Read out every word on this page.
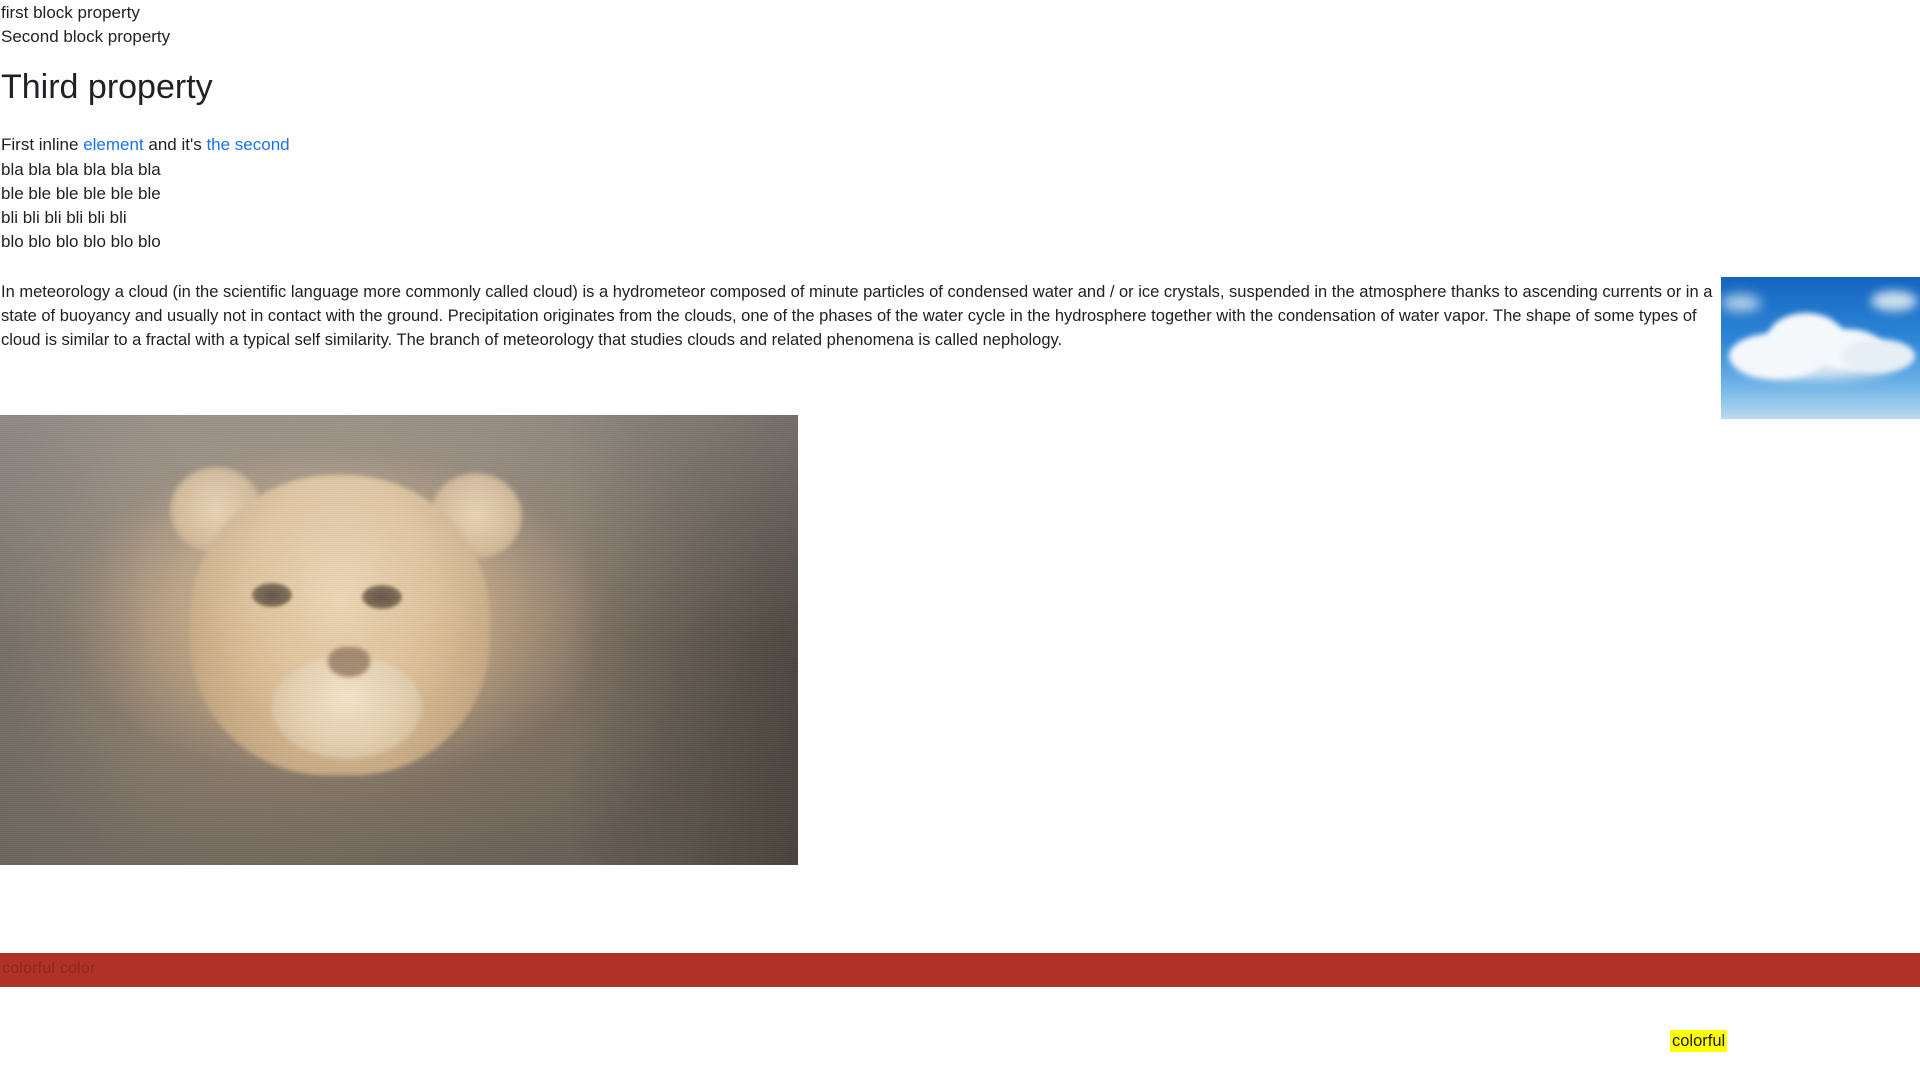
first block property
Second block property
Third property
First inline element and it's the second
bla bla bla bla bla bla
ble ble ble ble ble ble
bli bli bli bli bli bli
blo blo blo blo blo blo

In meteorology a cloud (in the scientific language more commonly called cloud) is a hydrometeor composed of minute particles of condensed water and / or ice crystals, suspended in the atmosphere thanks to ascending currents or in a state of buoyancy and usually not in contact with the ground. Precipitation originates from the clouds, one of the phases of the water cycle in the hydrosphere together with the condensation of water vapor. The shape of some types of cloud is similar to a fractal with a typical self similarity. The branch of meteorology that studies clouds and related phenomena is called nephology.

colorful color
colorful
